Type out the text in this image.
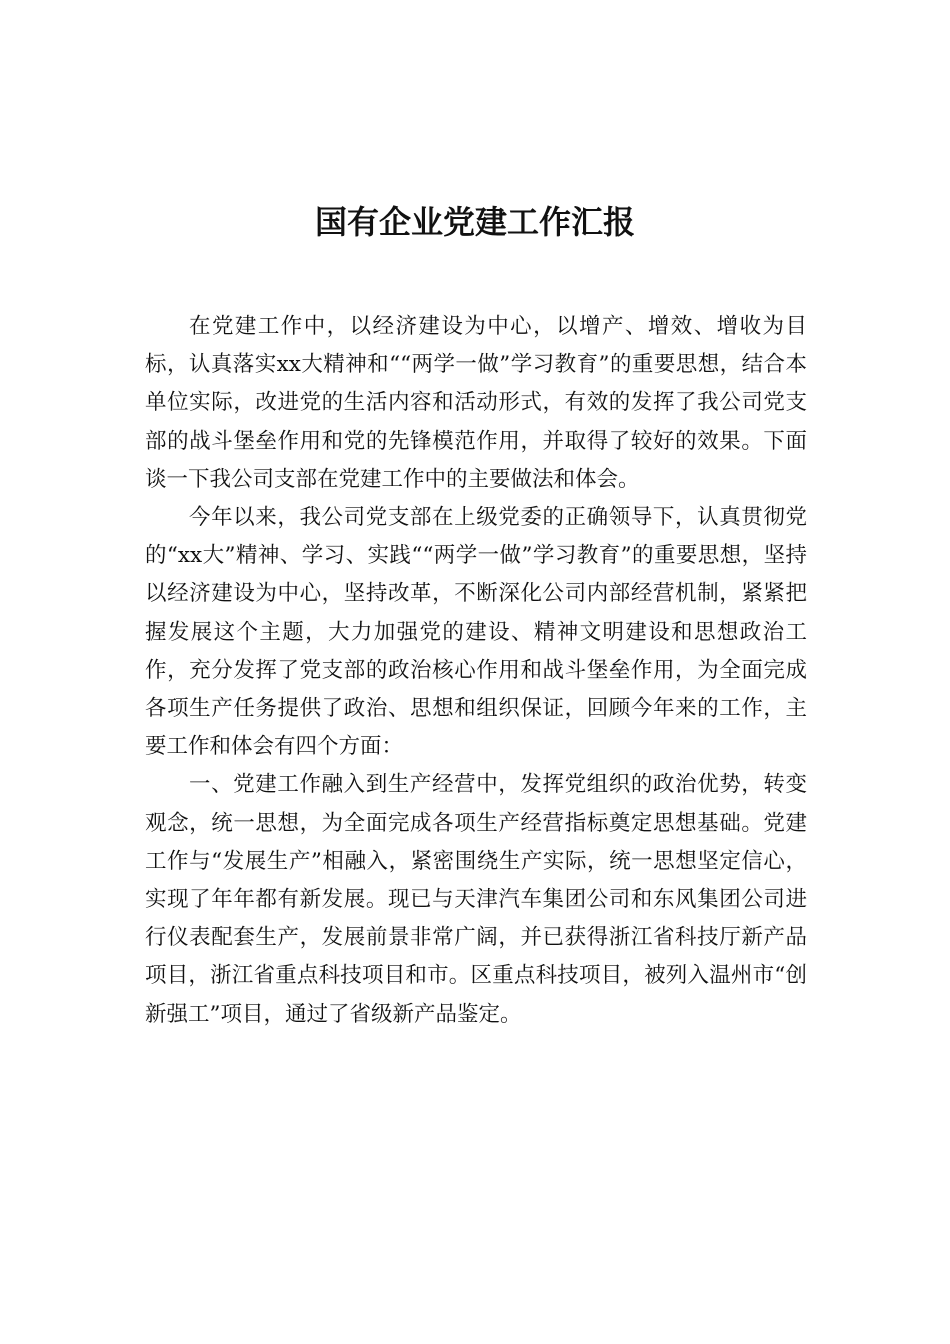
国有企业党建工作汇报

在党建工作中，以经济建设为中心，以增产、增效、增收为目标，认真落实xx大精神和““两学一做”学习教育”的重要思想，结合本单位实际，改进党的生活内容和活动形式，有效的发挥了我公司党支部的战斗堡垒作用和党的先锋模范作用，并取得了较好的效果。下面谈一下我公司支部在党建工作中的主要做法和体会。

今年以来，我公司党支部在上级党委的正确领导下，认真贯彻党的“xx大”精神、学习、实践““两学一做”学习教育”的重要思想，坚持以经济建设为中心，坚持改革，不断深化公司内部经营机制，紧紧把握发展这个主题，大力加强党的建设、精神文明建设和思想政治工作，充分发挥了党支部的政治核心作用和战斗堡垒作用，为全面完成各项生产任务提供了政治、思想和组织保证，回顾今年来的工作，主要工作和体会有四个方面：

一、党建工作融入到生产经营中，发挥党组织的政治优势，转变观念，统一思想，为全面完成各项生产经营指标奠定思想基础。党建工作与“发展生产”相融入，紧密围绕生产实际，统一思想坚定信心，实现了年年都有新发展。现已与天津汽车集团公司和东风集团公司进行仪表配套生产，发展前景非常广阔，并已获得浙江省科技厅新产品项目，浙江省重点科技项目和市。区重点科技项目，被列入温州市“创新强工”项目，通过了省级新产品鉴定。
